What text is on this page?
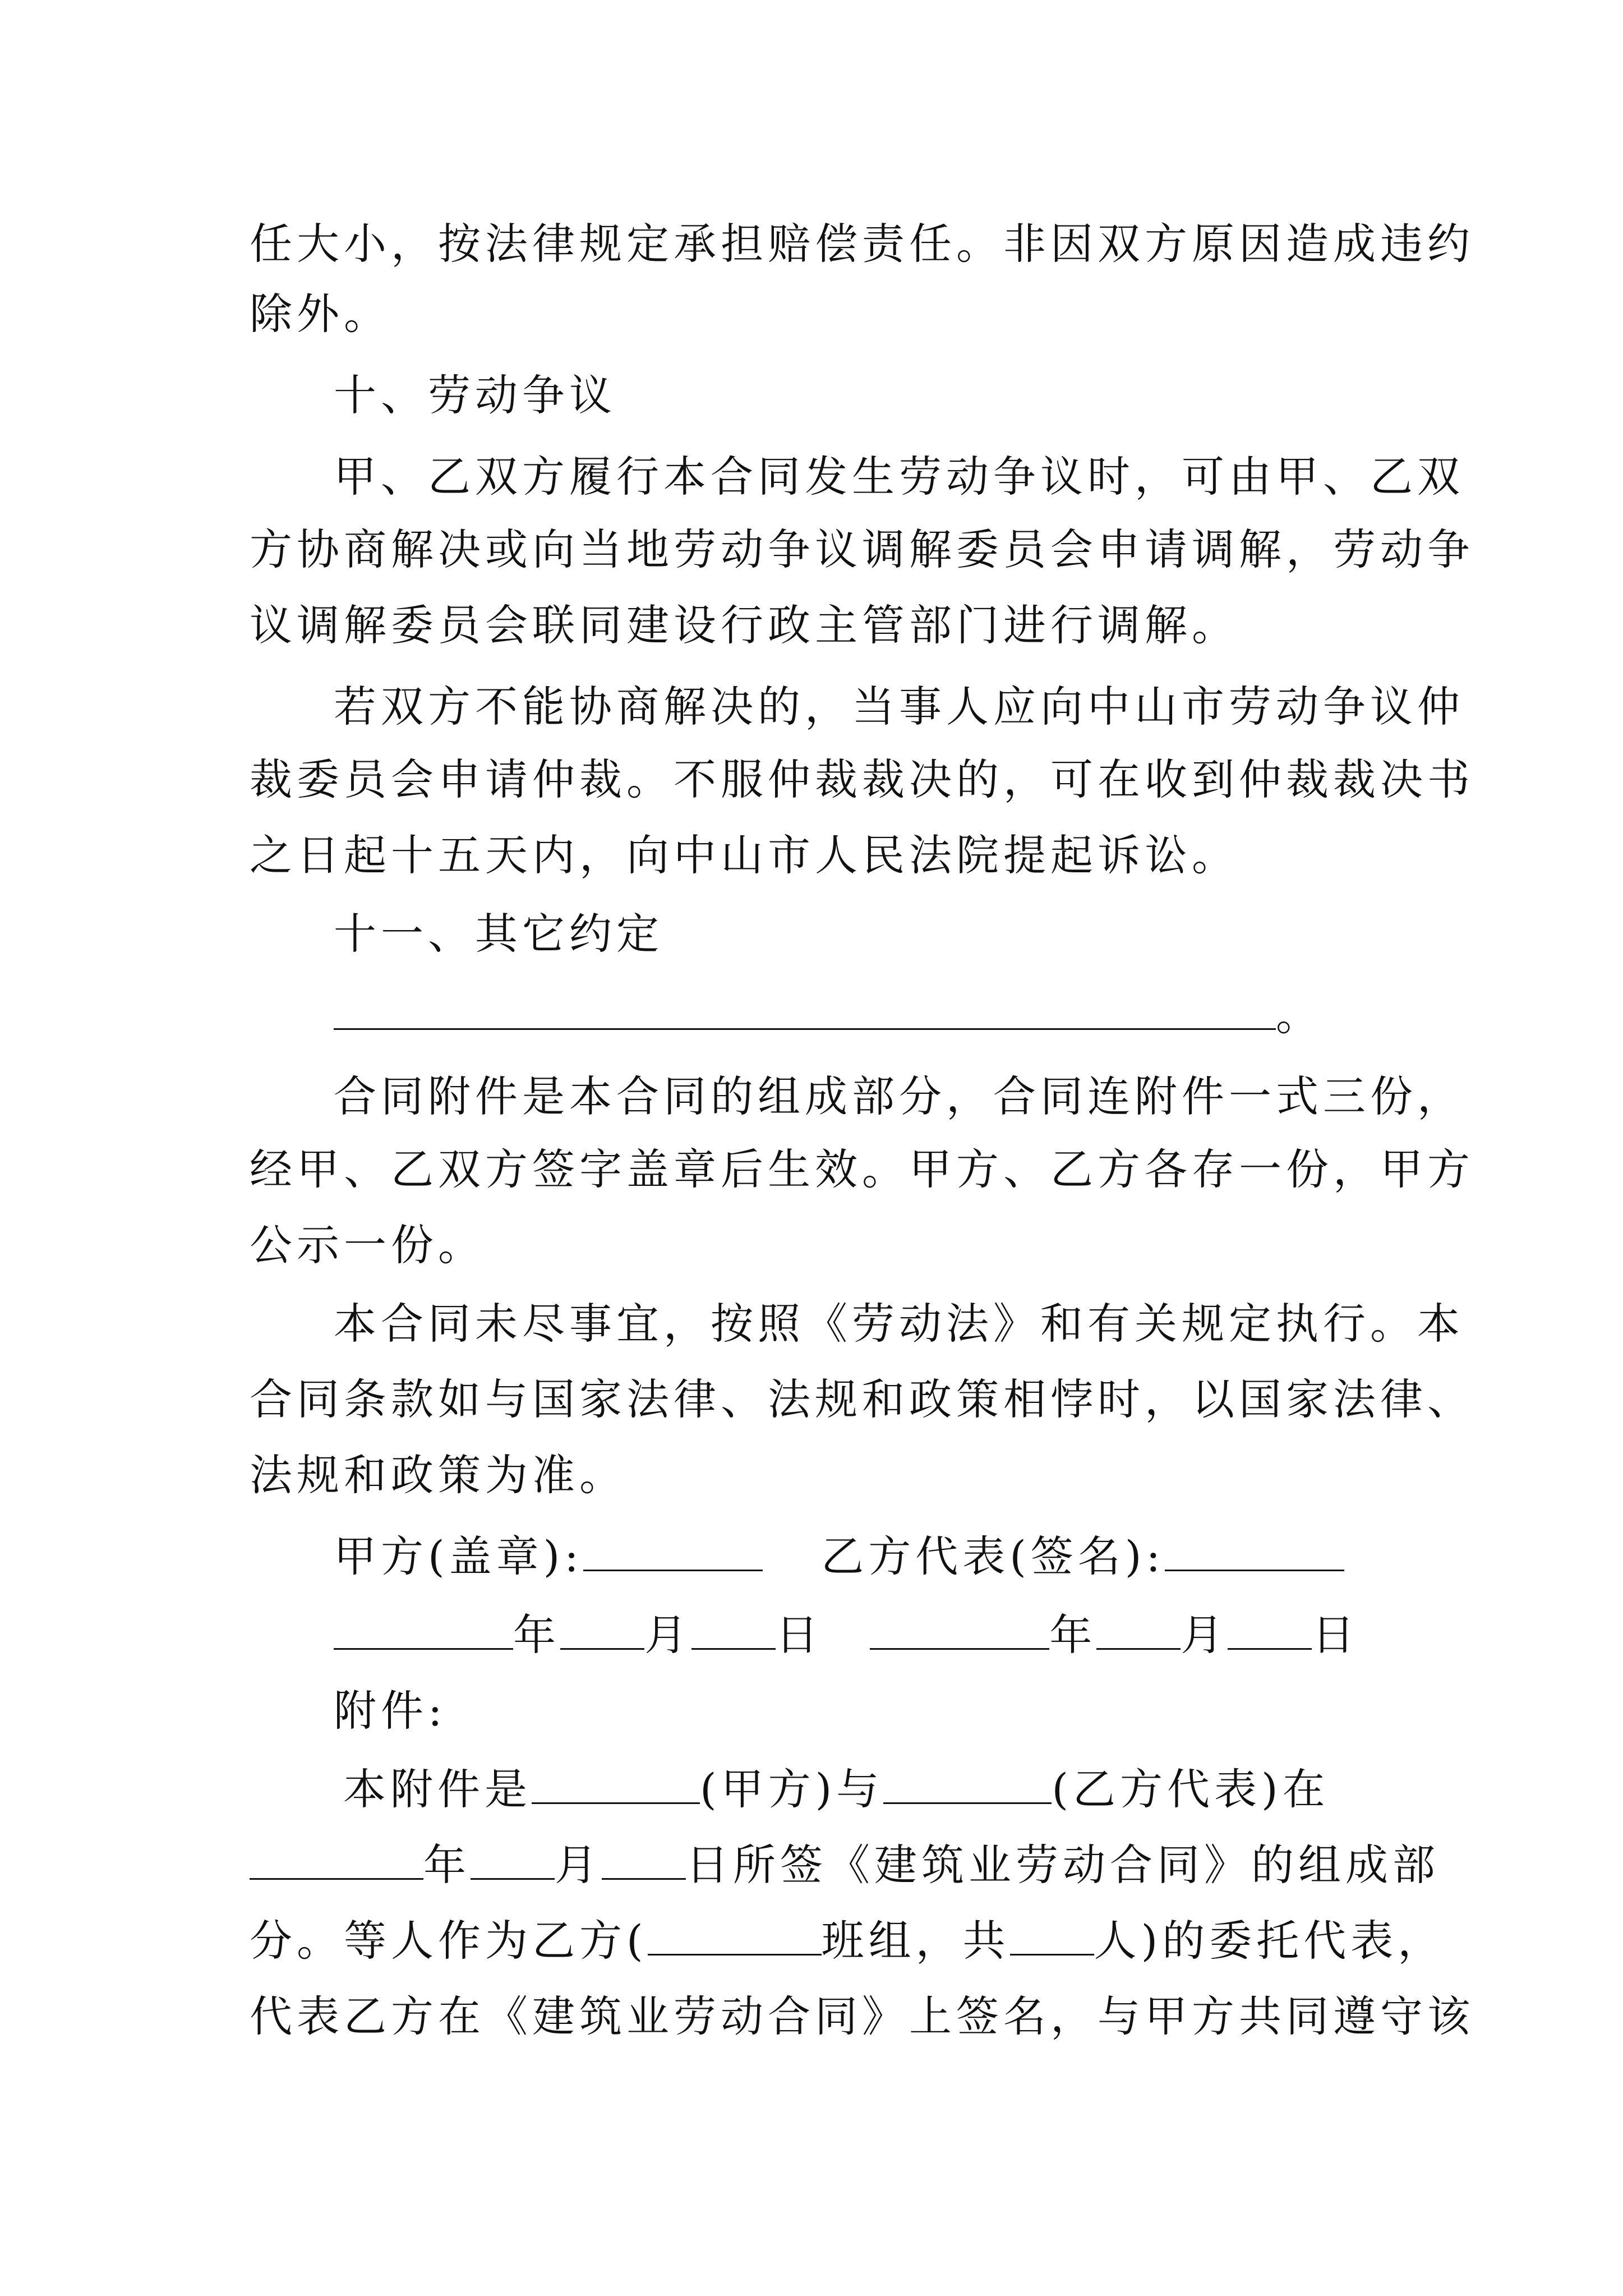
任大小，按法律规定承担赔偿责任。非因双方原因造成违约
除外。
十、劳动争议
甲、乙双方履行本合同发生劳动争议时，可由甲、乙双
方协商解决或向当地劳动争议调解委员会申请调解，劳动争
议调解委员会联同建设行政主管部门进行调解。
若双方不能协商解决的，当事人应向中山市劳动争议仲
裁委员会申请仲裁。不服仲裁裁决的，可在收到仲裁裁决书
之日起十五天内，向中山市人民法院提起诉讼。
十一、其它约定
。
合同附件是本合同的组成部分，合同连附件一式三份，
经甲、乙双方签字盖章后生效。甲方、乙方各存一份，甲方
公示一份。
本合同未尽事宜，按照《劳动法》和有关规定执行。本
合同条款如与国家法律、法规和政策相悖时，以国家法律、
法规和政策为准。
甲方(盖章):	乙方代表(签名):
年 月 日	年 月 日
附件:
本附件是	(甲方)与	(乙方代表)在
年 月 日所签《建筑业劳动合同》的组成部
分。等人作为乙方(	班组，共 人)的委托代表，
代表乙方在《建筑业劳动合同》上签名，与甲方共同遵守该
